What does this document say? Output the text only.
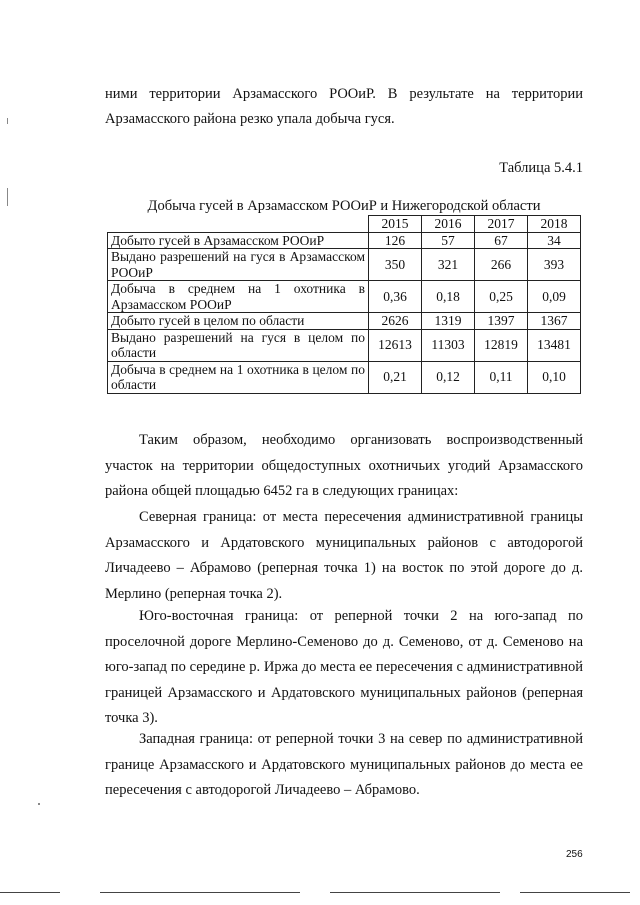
ними территории Арзамасского РООиР. В результате на территории
Арзамасского района резко упала добыча гуся.
Таблица 5.4.1
Добыча гусей в Арзамасском РООиР и Нижегородской области
	2015	2016	2017	2018
Добыто гусей в Арзамасском РООиР	126	57	67	34
Выдано разрешений на гуся в Арзамасском РООиР	350	321	266	393
Добыча в среднем на 1 охотника в Арзамасском РООиР	0,36	0,18	0,25	0,09
Добыто гусей в целом по области	2626	1319	1397	1367
Выдано разрешений на гуся в целом по области	12613	11303	12819	13481
Добыча в среднем на 1 охотника в целом по области	0,21	0,12	0,11	0,10

Таким образом, необходимо организовать воспроизводственный участок на территории общедоступных охотничьих угодий Арзамасского района общей площадью 6452 га в следующих границах:

Северная граница: от места пересечения административной границы Арзамасского и Ардатовского муниципальных районов с автодорогой Личадеево – Абрамово (реперная точка 1) на восток по этой дороге до д. Мерлино (реперная точка 2).

Юго-восточная граница: от реперной точки 2 на юго-запад по проселочной дороге Мерлино-Семеново до д. Семеново, от д. Семеново на юго-запад по середине р. Иржа до места ее пересечения с административной границей Арзамасского и Ардатовского муниципальных районов (реперная точка 3).

Западная граница: от реперной точки 3 на север по административной границе Арзамасского и Ардатовского муниципальных районов до места ее пересечения с автодорогой Личадеево – Абрамово.

256
